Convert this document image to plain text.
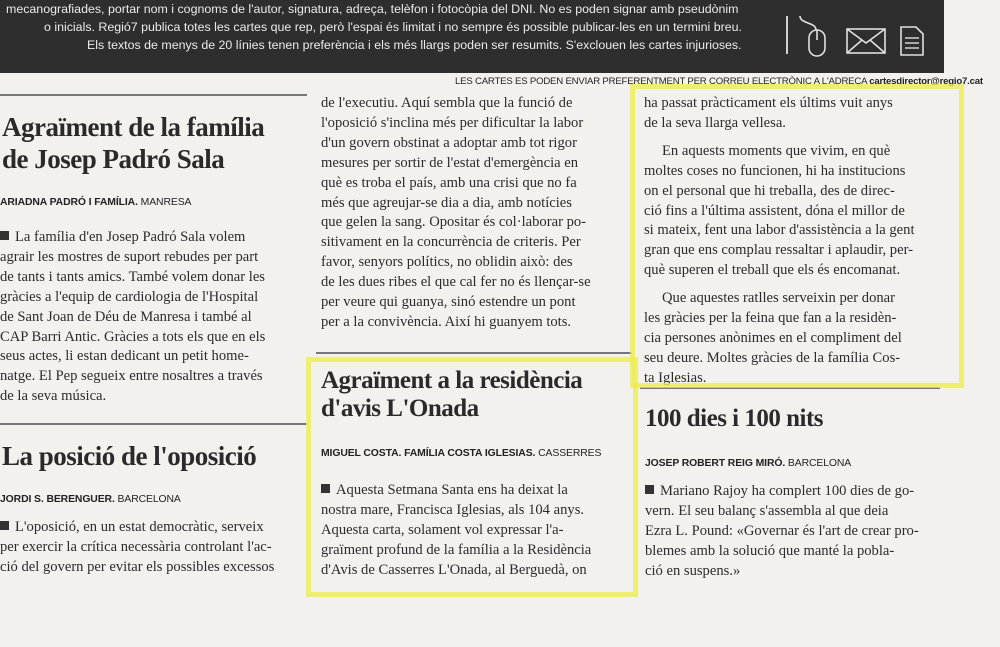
mecanografiades, portar nom i cognoms de l'autor, signatura, adreça, telèfon i fotocòpia del DNI. No es poden signar amb pseudònim
o inicials. Regió7 publica totes les cartes que rep, però l'espai és limitat i no sempre és possible publicar-les en un termini breu.
Els textos de menys de 20 línies tenen preferència i els més llargs poden ser resumits. S'exclouen les cartes injurioses.
LES CARTES ES PODEN ENVIAR PREFERENTMENT PER CORREU ELECTRÒNIC A L'ADREÇA cartesdirector@regio7.cat
Agraïment de la família
de Josep Padró Sala
ARIADNA PADRÓ I FAMÍLIA. MANRESA
La família d'en Josep Padró Sala volem
agrair les mostres de suport rebudes per part
de tants i tants amics. També volem donar les
gràcies a l'equip de cardiologia de l'Hospital
de Sant Joan de Déu de Manresa i també al
CAP Barri Antic. Gràcies a tots els que en els
seus actes, li estan dedicant un petit home-
natge. El Pep segueix entre nosaltres a través
de la seva música.
La posició de l'oposició
JORDI S. BERENGUER. BARCELONA
L'oposició, en un estat democràtic, serveix
per exercir la crítica necessària controlant l'ac-
ció del govern per evitar els possibles excessos
de l'executiu. Aquí sembla que la funció de
l'oposició s'inclina més per dificultar la labor
d'un govern obstinat a adoptar amb tot rigor
mesures per sortir de l'estat d'emergència en
què es troba el país, amb una crisi que no fa
més que agreujar-se dia a dia, amb notícies
que gelen la sang. Opositar és col·laborar po-
sitivament en la concurrència de criteris. Per
favor, senyors polítics, no oblidin això: des
de les dues ribes el que cal fer no és llençar-se
per veure qui guanya, sinó estendre un pont
per a la convivència. Així hi guanyem tots.
Agraïment a la residència
d'avis L'Onada
MIGUEL COSTA. FAMÍLIA COSTA IGLESIAS. CASSERRES
Aquesta Setmana Santa ens ha deixat la
nostra mare, Francisca Iglesias, als 104 anys.
Aquesta carta, solament vol expressar l'a-
graïment profund de la família a la Residència
d'Avis de Casserres L'Onada, al Berguedà, on
ha passat pràcticament els últims vuit anys
de la seva llarga vellesa.
En aquests moments que vivim, en què
moltes coses no funcionen, hi ha institucions
on el personal que hi treballa, des de direc-
ció fins a l'última assistent, dóna el millor de
si mateix, fent una labor d'assistència a la gent
gran que ens complau ressaltar i aplaudir, per-
què superen el treball que els és encomanat.
Que aquestes ratlles serveixin per donar
les gràcies per la feina que fan a la residèn-
cia persones anònimes en el compliment del
seu deure. Moltes gràcies de la família Cos-
ta Iglesias.
100 dies i 100 nits
JOSEP ROBERT REIG MIRÓ. BARCELONA
Mariano Rajoy ha complert 100 dies de go-
vern. El seu balanç s'assembla al que deia
Ezra L. Pound: «Governar és l'art de crear pro-
blemes amb la solució que manté la pobla-
ció en suspens.»
